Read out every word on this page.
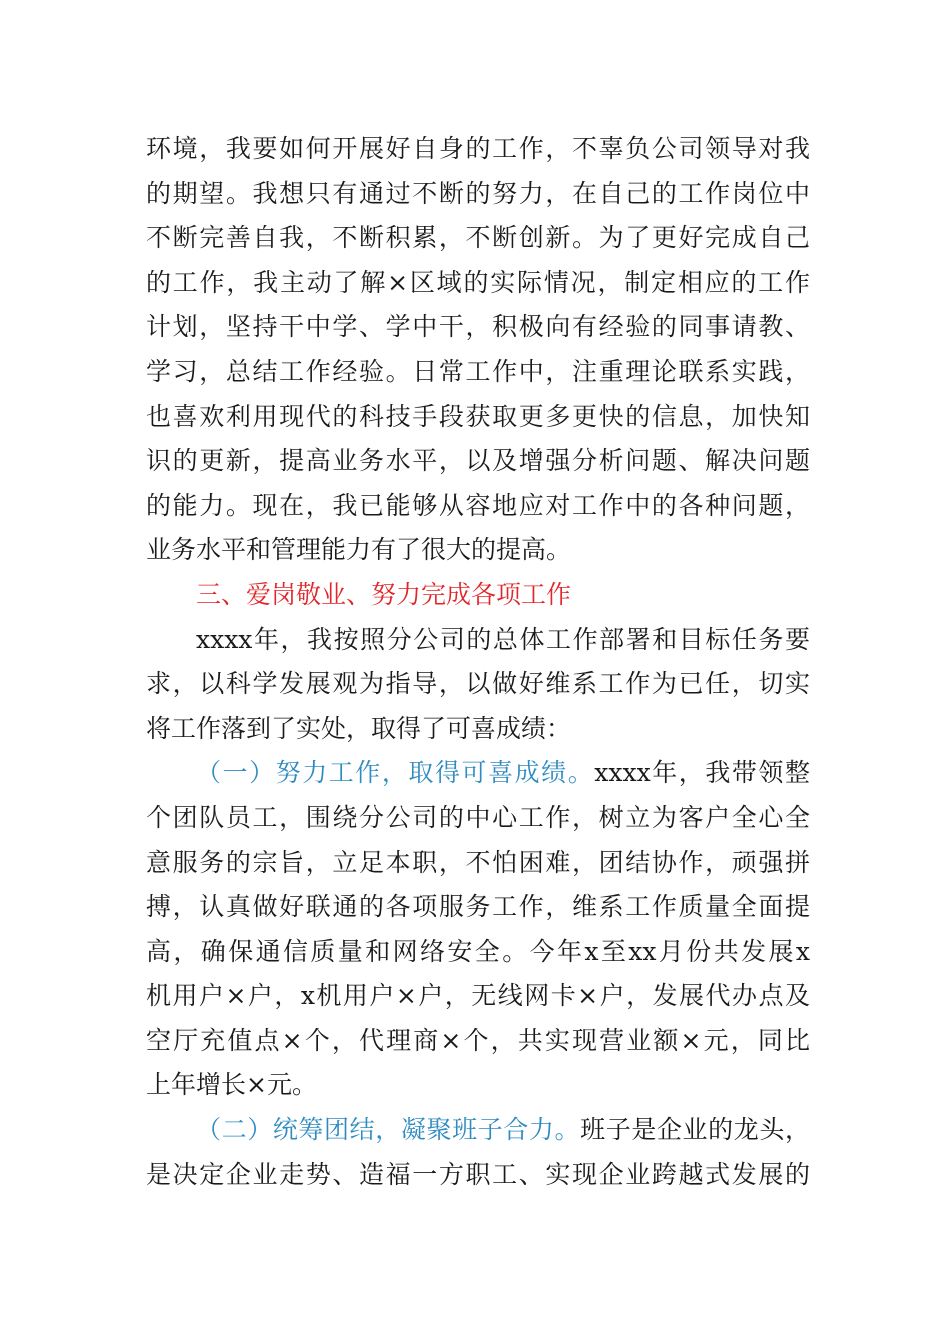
环境，我要如何开展好自身的工作，不辜负公司领导对我
的期望。我想只有通过不断的努力，在自己的工作岗位中
不断完善自我，不断积累，不断创新。为了更好完成自己
的工作，我主动了解×区域的实际情况，制定相应的工作
计划，坚持干中学、学中干，积极向有经验的同事请教、
学习，总结工作经验。日常工作中，注重理论联系实践，
也喜欢利用现代的科技手段获取更多更快的信息，加快知
识的更新，提高业务水平，以及增强分析问题、解决问题
的能力。现在，我已能够从容地应对工作中的各种问题，
业务水平和管理能力有了很大的提高。
三、爱岗敬业、努力完成各项工作
xxxx年，我按照分公司的总体工作部署和目标任务要
求，以科学发展观为指导，以做好维系工作为已任，切实
将工作落到了实处，取得了可喜成绩：
（一）努力工作，取得可喜成绩。xxxx年，我带领整
个团队员工，围绕分公司的中心工作，树立为客户全心全
意服务的宗旨，立足本职，不怕困难，团结协作，顽强拼
搏，认真做好联通的各项服务工作，维系工作质量全面提
高，确保通信质量和网络安全。今年x至xx月份共发展x
机用户×户，x机用户×户，无线网卡×户，发展代办点及
空厅充值点×个，代理商×个，共实现营业额×元，同比
上年增长×元。
（二）统筹团结，凝聚班子合力。班子是企业的龙头，
是决定企业走势、造福一方职工、实现企业跨越式发展的
